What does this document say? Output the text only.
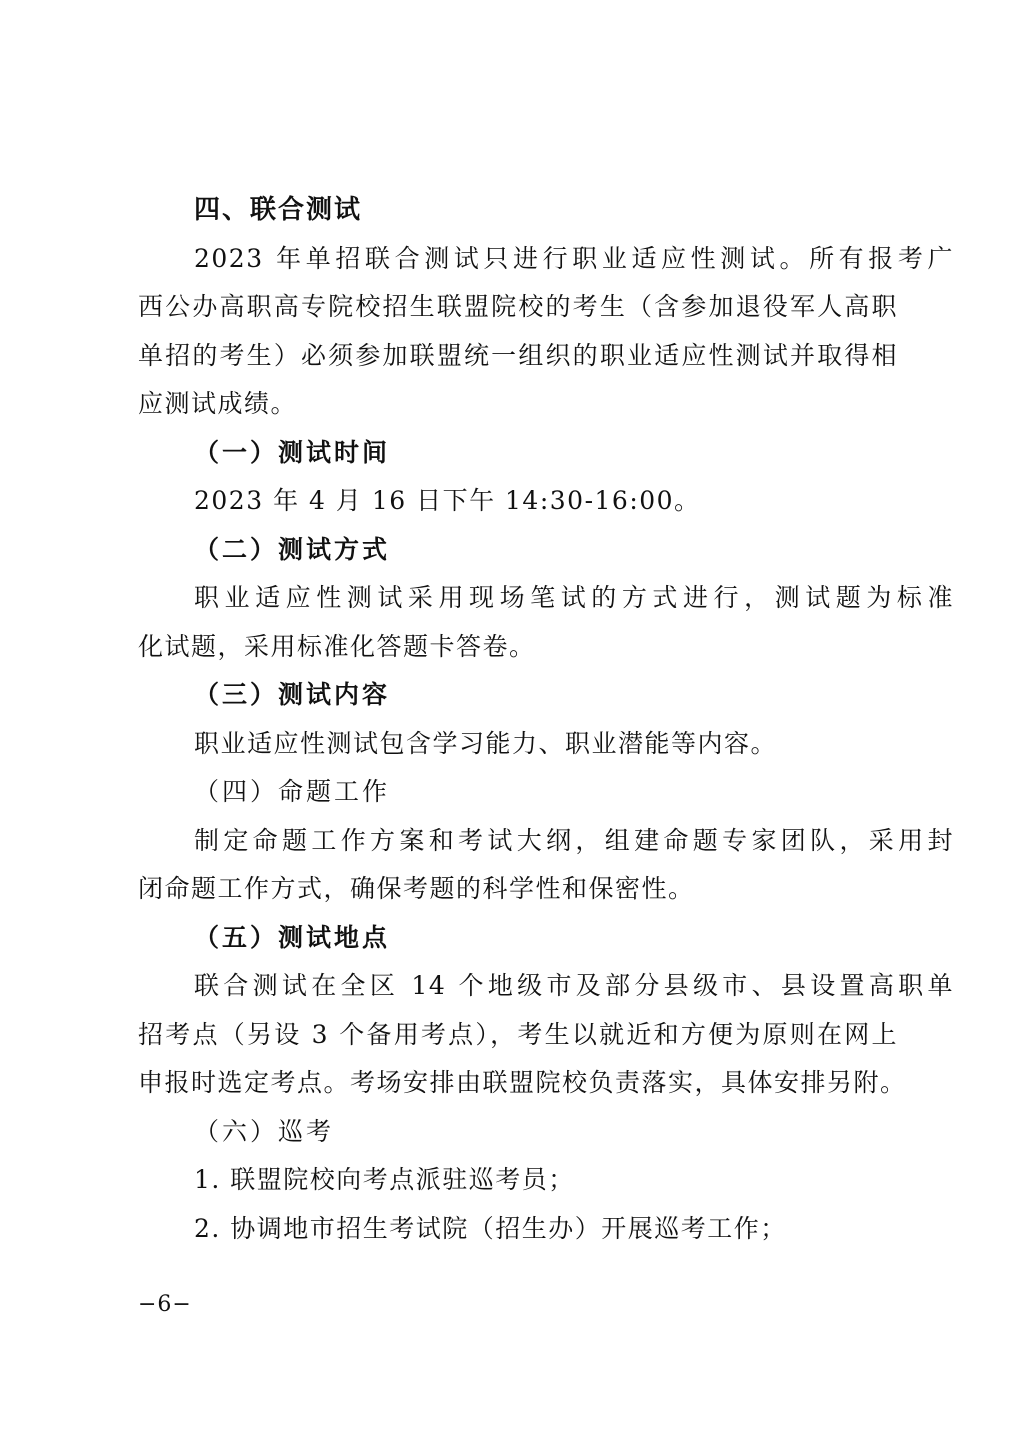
四、联合测试
2023 年单招联合测试只进行职业适应性测试。所有报考广
西公办高职高专院校招生联盟院校的考生（含参加退役军人高职
单招的考生）必须参加联盟统一组织的职业适应性测试并取得相
应测试成绩。
（一）测试时间
2023 年 4 月 16 日下午 14:30-16:00。
（二）测试方式
职业适应性测试采用现场笔试的方式进行，测试题为标准
化试题，采用标准化答题卡答卷。
（三）测试内容
职业适应性测试包含学习能力、职业潜能等内容。
（四）命题工作
制定命题工作方案和考试大纲，组建命题专家团队，采用封
闭命题工作方式，确保考题的科学性和保密性。
（五）测试地点
联合测试在全区 14 个地级市及部分县级市、县设置高职单
招考点（另设 3 个备用考点），考生以就近和方便为原则在网上
申报时选定考点。考场安排由联盟院校负责落实，具体安排另附。
（六）巡考
1. 联盟院校向考点派驻巡考员；
2. 协调地市招生考试院（招生办）开展巡考工作；
−6−
